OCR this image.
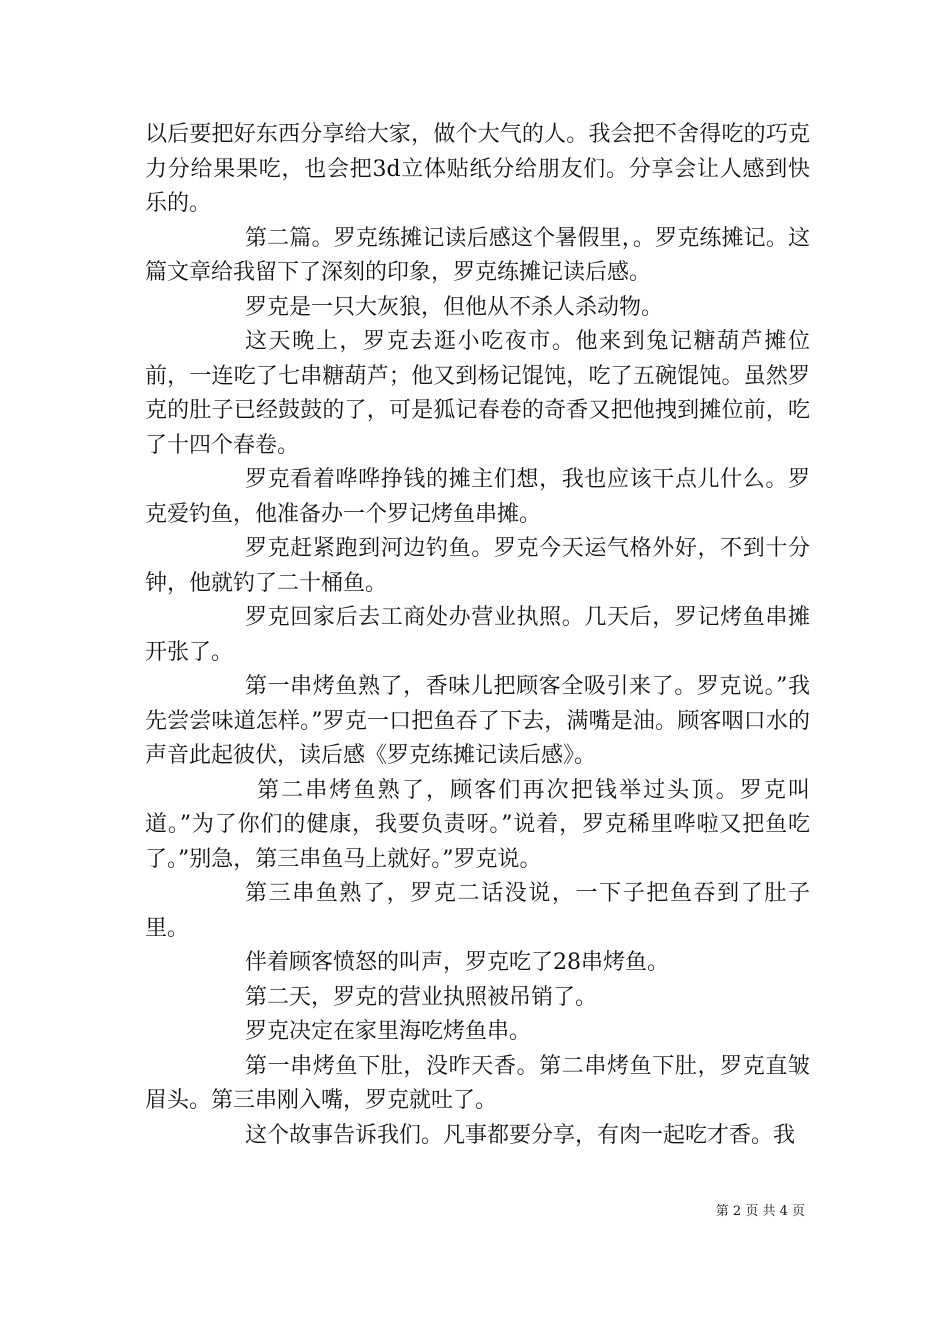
以后要把好东西分享给大家，做个大气的人。我会把不舍得吃的巧克力分给果果吃，也会把3d立体贴纸分给朋友们。分享会让人感到快乐的。

第二篇。罗克练摊记读后感这个暑假里，。罗克练摊记。这篇文章给我留下了深刻的印象，罗克练摊记读后感。

罗克是一只大灰狼，但他从不杀人杀动物。

这天晚上，罗克去逛小吃夜市。他来到兔记糖葫芦摊位前，一连吃了七串糖葫芦；他又到杨记馄饨，吃了五碗馄饨。虽然罗克的肚子已经鼓鼓的了，可是狐记春卷的奇香又把他拽到摊位前，吃了十四个春卷。

罗克看着哗哗挣钱的摊主们想，我也应该干点儿什么。罗克爱钓鱼，他准备办一个罗记烤鱼串摊。

罗克赶紧跑到河边钓鱼。罗克今天运气格外好，不到十分钟，他就钓了二十桶鱼。

罗克回家后去工商处办营业执照。几天后，罗记烤鱼串摊开张了。

第一串烤鱼熟了，香味儿把顾客全吸引来了。罗克说。”我先尝尝味道怎样。”罗克一口把鱼吞了下去，满嘴是油。顾客咽口水的声音此起彼伏，读后感《罗克练摊记读后感》。

第二串烤鱼熟了，顾客们再次把钱举过头顶。罗克叫道。”为了你们的健康，我要负责呀。”说着，罗克稀里哗啦又把鱼吃了。”别急，第三串鱼马上就好。”罗克说。

第三串鱼熟了，罗克二话没说，一下子把鱼吞到了肚子里。

伴着顾客愤怒的叫声，罗克吃了28串烤鱼。

第二天，罗克的营业执照被吊销了。

罗克决定在家里海吃烤鱼串。

第一串烤鱼下肚，没昨天香。第二串烤鱼下肚，罗克直皱眉头。第三串刚入嘴，罗克就吐了。

这个故事告诉我们。凡事都要分享，有肉一起吃才香。我

第 2 页 共 4 页
